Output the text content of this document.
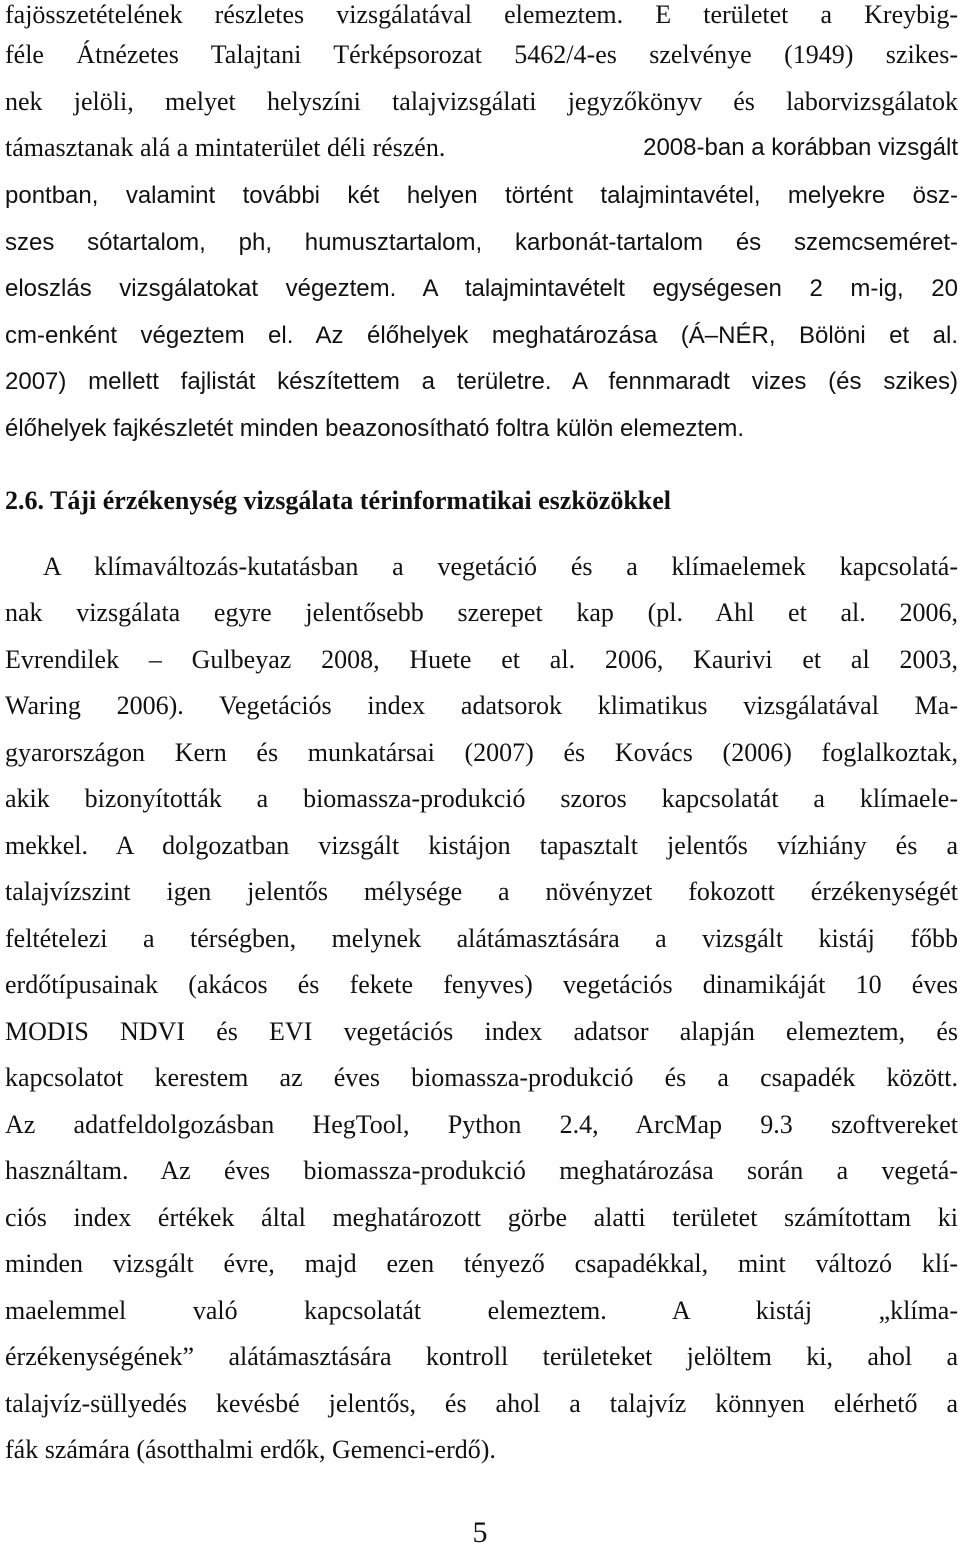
fajösszetételének részletes vizsgálatával elemeztem. E területet a Kreybig-
féle Átnézetes Talajtani Térképsorozat 5462/4-es szelvénye (1949) szikes-
nek jelöli, melyet helyszíni talajvizsgálati jegyzőkönyv és laborvizsgálatok
támasztanak alá a mintaterület déli részén.	2008-ban a korábban vizsgált
pontban, valamint további két helyen történt talajmintavétel, melyekre ösz-
szes sótartalom, ph, humusztartalom, karbonát-tartalom és szemcseméret-
eloszlás vizsgálatokat végeztem. A talajmintavételt egységesen 2 m-ig, 20
cm-enként végeztem el. Az élőhelyek meghatározása (Á–NÉR, Bölöni et al.
2007) mellett fajlistát készítettem a területre. A fennmaradt vizes (és szikes)
élőhelyek fajkészletét minden beazonosítható foltra külön elemeztem.
2.6. Táji érzékenység vizsgálata térinformatikai eszközökkel
A klímaváltozás-kutatásban a vegetáció és a klímaelemek kapcsolatá-
nak vizsgálata egyre jelentősebb szerepet kap (pl. Ahl et al. 2006,
Evrendilek – Gulbeyaz 2008, Huete et al. 2006, Kaurivi et al 2003,
Waring 2006). Vegetációs index adatsorok klimatikus vizsgálatával Ma-
gyarországon Kern és munkatársai (2007) és Kovács (2006) foglalkoztak,
akik bizonyították a biomassza-produkció szoros kapcsolatát a klímaele-
mekkel. A dolgozatban vizsgált kistájon tapasztalt jelentős vízhiány és a
talajvízszint igen jelentős mélysége a növényzet fokozott érzékenységét
feltételezi a térségben, melynek alátámasztására a vizsgált kistáj főbb
erdőtípusainak (akácos és fekete fenyves) vegetációs dinamikáját 10 éves
MODIS NDVI és EVI vegetációs index adatsor alapján elemeztem, és
kapcsolatot kerestem az éves biomassza-produkció és a csapadék között.
Az adatfeldolgozásban HegTool, Python 2.4, ArcMap 9.3 szoftvereket
használtam. Az éves biomassza-produkció meghatározása során a vegetá-
ciós index értékek által meghatározott görbe alatti területet számítottam ki
minden vizsgált évre, majd ezen tényező csapadékkal, mint változó klí-
maelemmel való kapcsolatát elemeztem. A kistáj „klíma-
érzékenységének” alátámasztására kontroll területeket jelöltem ki, ahol a
talajvíz-süllyedés kevésbé jelentős, és ahol a talajvíz könnyen elérhető a
fák számára (ásotthalmi erdők, Gemenci-erdő).
5
